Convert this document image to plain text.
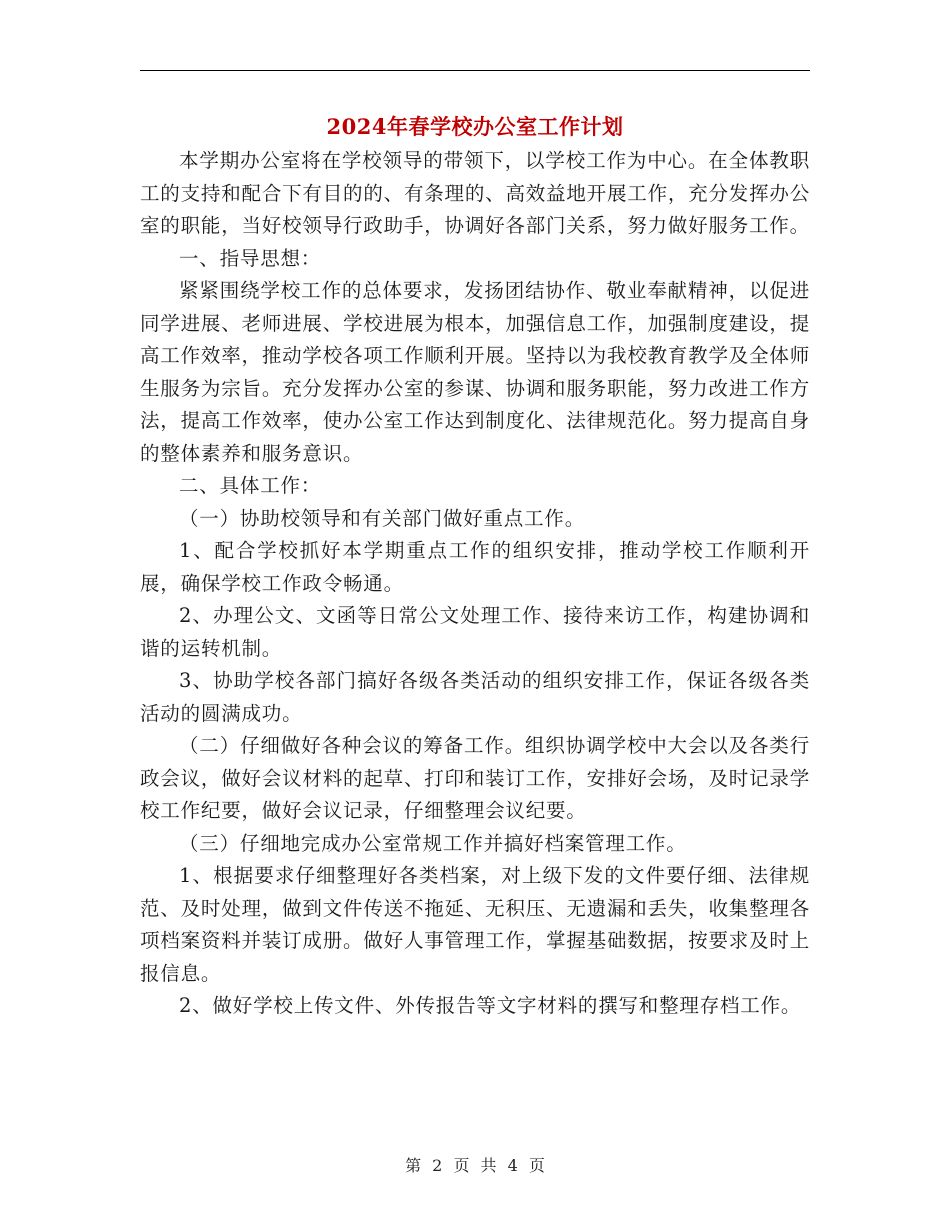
2024年春学校办公室工作计划

本学期办公室将在学校领导的带领下，以学校工作为中心。在全体教职工的支持和配合下有目的的、有条理的、高效益地开展工作，充分发挥办公室的职能，当好校领导行政助手，协调好各部门关系，努力做好服务工作。

一、指导思想：

紧紧围绕学校工作的总体要求，发扬团结协作、敬业奉献精神，以促进同学进展、老师进展、学校进展为根本，加强信息工作，加强制度建设，提高工作效率，推动学校各项工作顺利开展。坚持以为我校教育教学及全体师生服务为宗旨。充分发挥办公室的参谋、协调和服务职能，努力改进工作方法，提高工作效率，使办公室工作达到制度化、法律规范化。努力提高自身的整体素养和服务意识。

二、具体工作：

（一）协助校领导和有关部门做好重点工作。

1、配合学校抓好本学期重点工作的组织安排，推动学校工作顺利开展，确保学校工作政令畅通。

2、办理公文、文函等日常公文处理工作、接待来访工作，构建协调和谐的运转机制。

3、协助学校各部门搞好各级各类活动的组织安排工作，保证各级各类活动的圆满成功。

（二）仔细做好各种会议的筹备工作。组织协调学校中大会以及各类行政会议，做好会议材料的起草、打印和装订工作，安排好会场，及时记录学校工作纪要，做好会议记录，仔细整理会议纪要。

（三）仔细地完成办公室常规工作并搞好档案管理工作。

1、根据要求仔细整理好各类档案，对上级下发的文件要仔细、法律规范、及时处理，做到文件传送不拖延、无积压、无遗漏和丢失，收集整理各项档案资料并装订成册。做好人事管理工作，掌握基础数据，按要求及时上报信息。

2、做好学校上传文件、外传报告等文字材料的撰写和整理存档工作。

第 2 页 共 4 页
